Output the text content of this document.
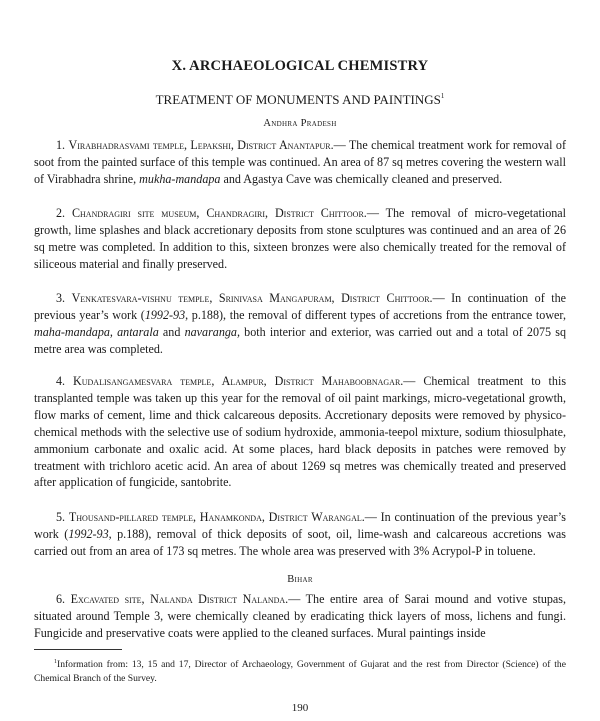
X. ARCHAEOLOGICAL CHEMISTRY
TREATMENT OF MONUMENTS AND PAINTINGS$^1$
Andhra Pradesh

1. Virabhadrasvami temple, Lepakshi, District Anantapur.— The chemical treatment work for removal of soot from the painted surface of this temple was continued. An area of 87 sq metres covering the western wall of Virabhadra shrine, mukha-mandapa and Agastya Cave was chemically cleaned and preserved.

2. Chandragiri site museum, Chandragiri, District Chittoor.— The removal of micro-vegetational growth, lime splashes and black accretionary deposits from stone sculptures was continued and an area of 26 sq metre was completed. In addition to this, sixteen bronzes were also chemically treated for the removal of siliceous material and finally preserved.

3. Venkatesvara-vishnu temple, Srinivasa Mangapuram, District Chittoor.— In continuation of the previous year’s work (1992-93, p.188), the removal of different types of accretions from the entrance tower, maha-mandapa, antarala and navaranga, both interior and exterior, was carried out and a total of 2075 sq metre area was completed.

4. Kudalisangamesvara temple, Alampur, District Mahaboobnagar.— Chemical treatment to this transplanted temple was taken up this year for the removal of oil paint markings, micro-vegetational growth, flow marks of cement, lime and thick calcareous deposits. Accretionary deposits were removed by physico-chemical methods with the selective use of sodium hydroxide, ammonia-teepol mixture, sodium thiosulphate, ammonium carbonate and oxalic acid. At some places, hard black deposits in patches were removed by treatment with trichloro acetic acid. An area of about 1269 sq metres was chemically treated and preserved after application of fungicide, santobrite.

5. Thousand-pillared temple, Hanamkonda, District Warangal.— In continuation of the previous year’s work (1992-93, p.188), removal of thick deposits of soot, oil, lime-wash and calcareous accretions was carried out from an area of 173 sq metres. The whole area was preserved with 3% Acrypol-P in toluene.

Bihar

6. Excavated site, Nalanda District Nalanda.— The entire area of Sarai mound and votive stupas, situated around Temple 3, were chemically cleaned by eradicating thick layers of moss, lichens and fungi. Fungicide and preservative coats were applied to the cleaned surfaces. Mural paintings inside

$^1$Information from: 13, 15 and 17, Director of Archaeology, Government of Gujarat and the rest from Director (Science) of the Chemical Branch of the Survey.

190
